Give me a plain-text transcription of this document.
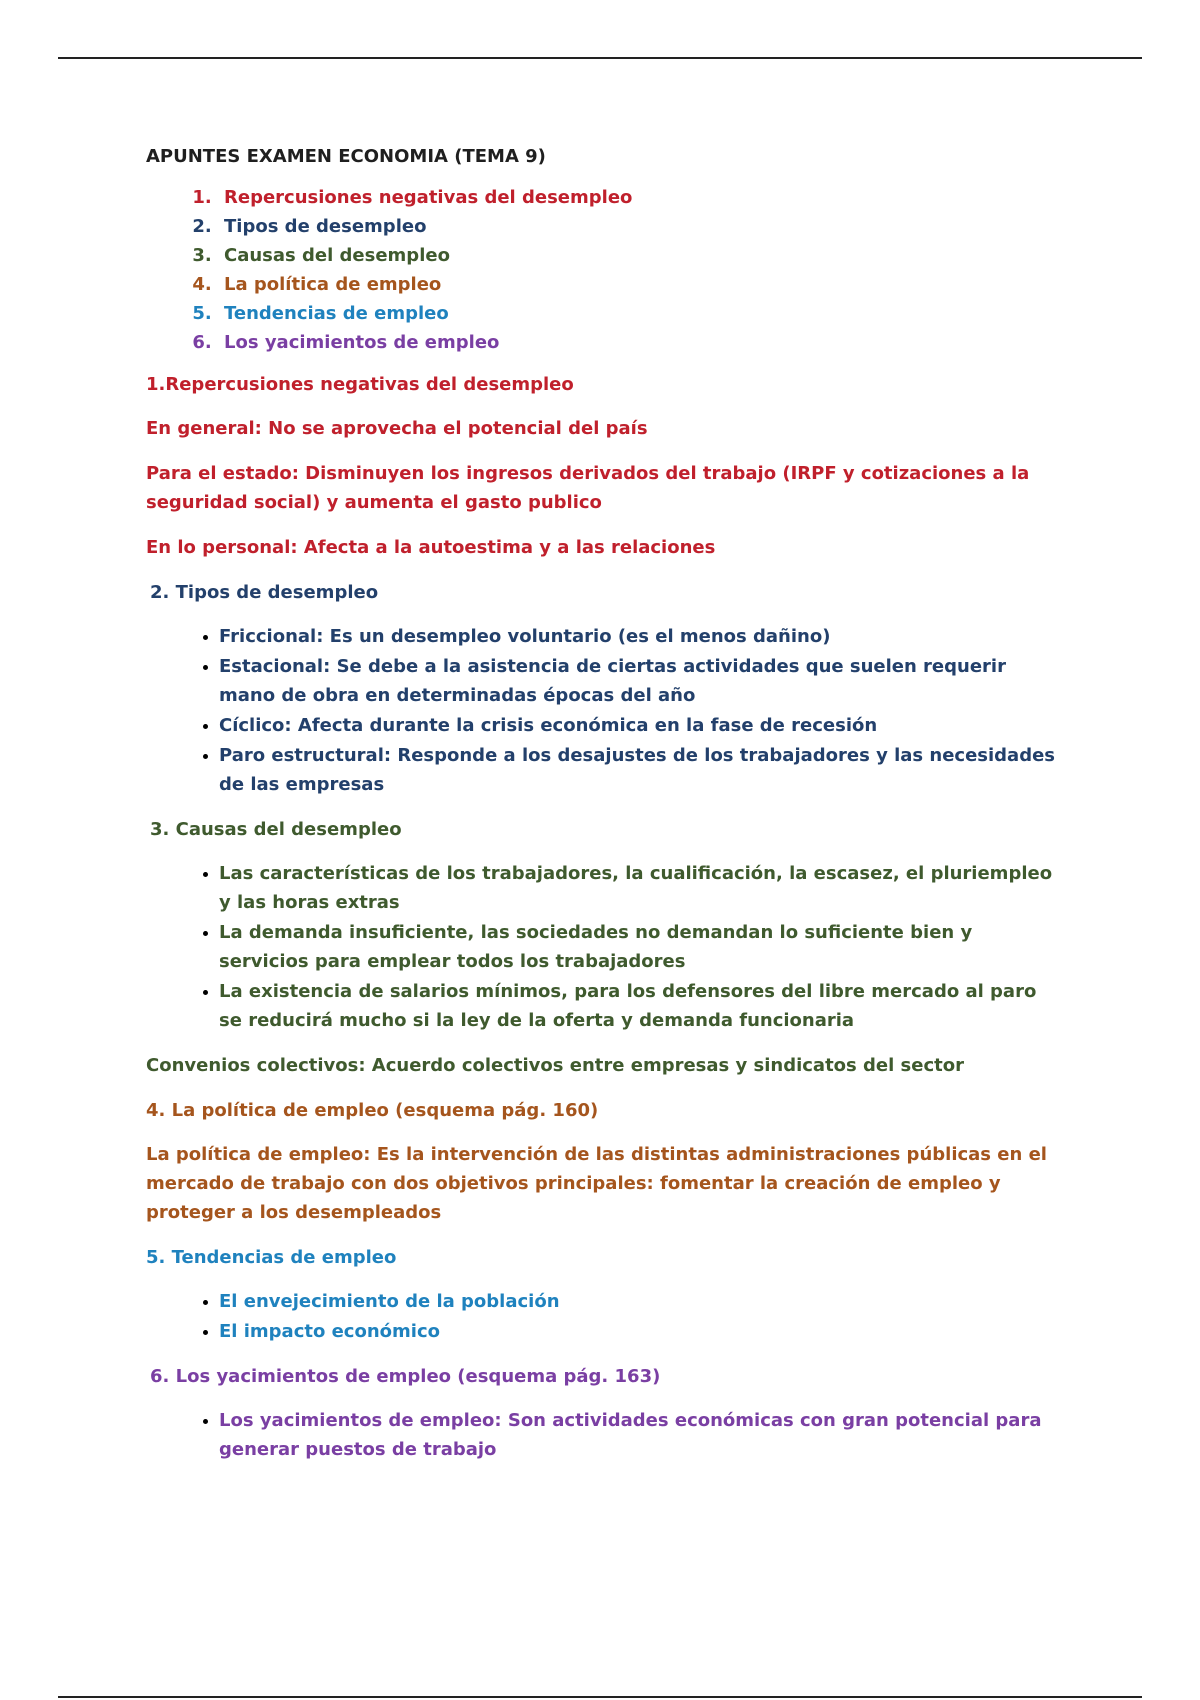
APUNTES EXAMEN ECONOMIA (TEMA 9)
1. Repercusiones negativas del desempleo
2. Tipos de desempleo
3. Causas del desempleo
4. La política de empleo
5. Tendencias de empleo
6. Los yacimientos de empleo
1.Repercusiones negativas del desempleo

En general: No se aprovecha el potencial del país

Para el estado: Disminuyen los ingresos derivados del trabajo (IRPF y cotizaciones a la seguridad social) y aumenta el gasto publico

En lo personal: Afecta a la autoestima y a las relaciones

2. Tipos de desempleo
• Friccional: Es un desempleo voluntario (es el menos dañino)
• Estacional: Se debe a la asistencia de ciertas actividades que suelen requerir mano de obra en determinadas épocas del año
• Cíclico: Afecta durante la crisis económica en la fase de recesión
• Paro estructural: Responde a los desajustes de los trabajadores y las necesidades de las empresas
3. Causas del desempleo
• Las características de los trabajadores, la cualificación, la escasez, el pluriempleo y las horas extras
• La demanda insuficiente, las sociedades no demandan lo suficiente bien y servicios para emplear todos los trabajadores
• La existencia de salarios mínimos, para los defensores del libre mercado al paro se reducirá mucho si la ley de la oferta y demanda funcionaria

Convenios colectivos: Acuerdo colectivos entre empresas y sindicatos del sector

4. La política de empleo (esquema pág. 160)

La política de empleo: Es la intervención de las distintas administraciones públicas en el mercado de trabajo con dos objetivos principales: fomentar la creación de empleo y proteger a los desempleados

5. Tendencias de empleo
• El envejecimiento de la población
• El impacto económico
6. Los yacimientos de empleo (esquema pág. 163)
• Los yacimientos de empleo: Son actividades económicas con gran potencial para generar puestos de trabajo
